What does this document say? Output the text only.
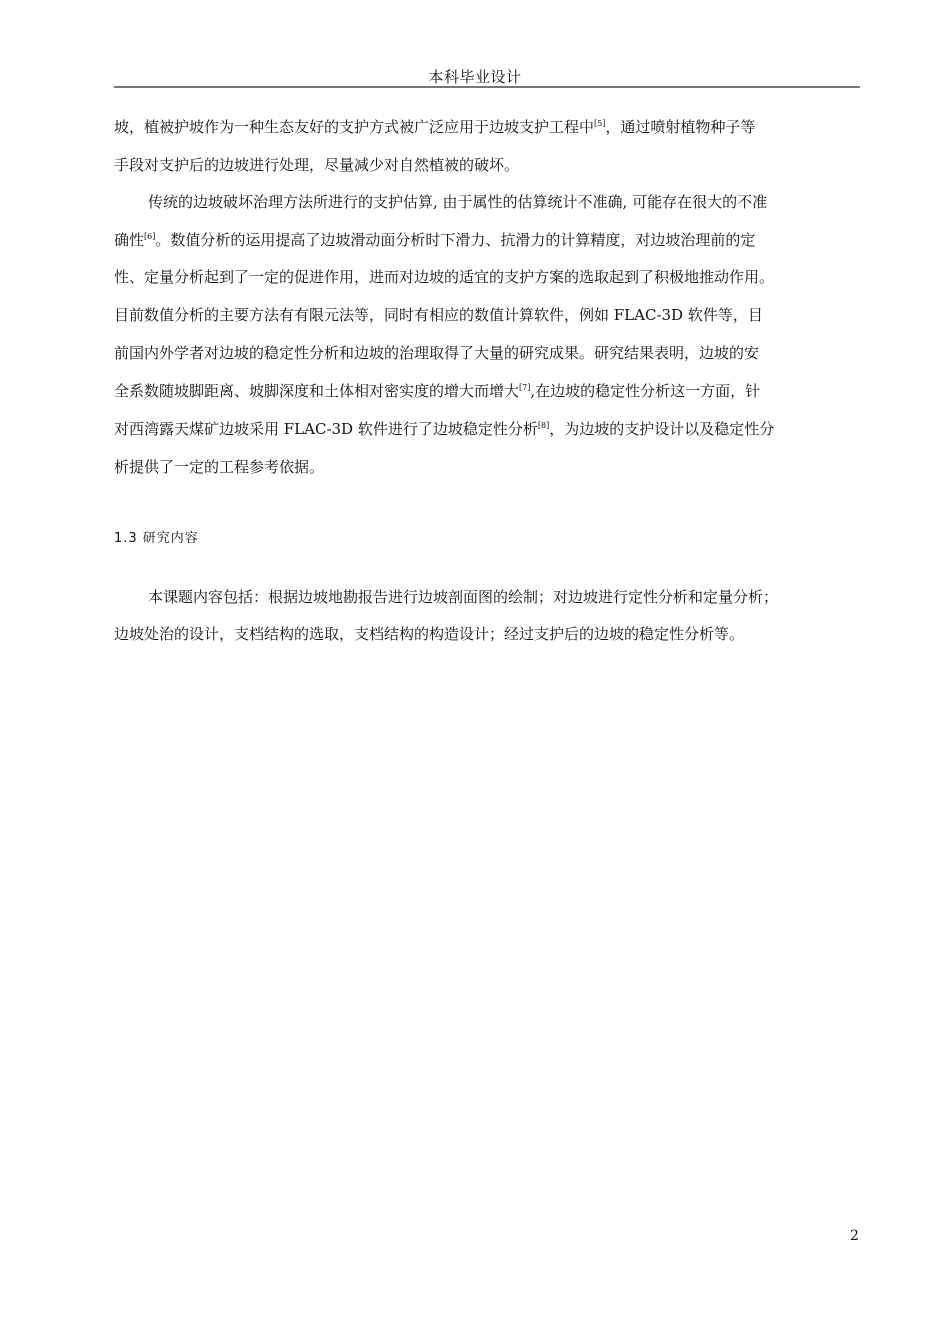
本科毕业设计
坡，植被护坡作为一种生态友好的支护方式被广泛应用于边坡支护工程中[5]，通过喷射植物种子等
手段对支护后的边坡进行处理，尽量减少对自然植被的破坏。
传统的边坡破坏治理方法所进行的支护估算, 由于属性的估算统计不准确, 可能存在很大的不准
确性[6]。数值分析的运用提高了边坡滑动面分析时下滑力、抗滑力的计算精度，对边坡治理前的定
性、定量分析起到了一定的促进作用，进而对边坡的适宜的支护方案的选取起到了积极地推动作用。
目前数值分析的主要方法有有限元法等，同时有相应的数值计算软件，例如 FLAC-3D 软件等，目
前国内外学者对边坡的稳定性分析和边坡的治理取得了大量的研究成果。研究结果表明，边坡的安
全系数随坡脚距离、坡脚深度和土体相对密实度的增大而增大[7],在边坡的稳定性分析这一方面，针
对西湾露天煤矿边坡采用 FLAC-3D 软件进行了边坡稳定性分析[8]，为边坡的支护设计以及稳定性分
析提供了一定的工程参考依据。
1.3 研究内容
本课题内容包括：根据边坡地勘报告进行边坡剖面图的绘制；对边坡进行定性分析和定量分析；
边坡处治的设计，支档结构的选取，支档结构的构造设计；经过支护后的边坡的稳定性分析等。
2
